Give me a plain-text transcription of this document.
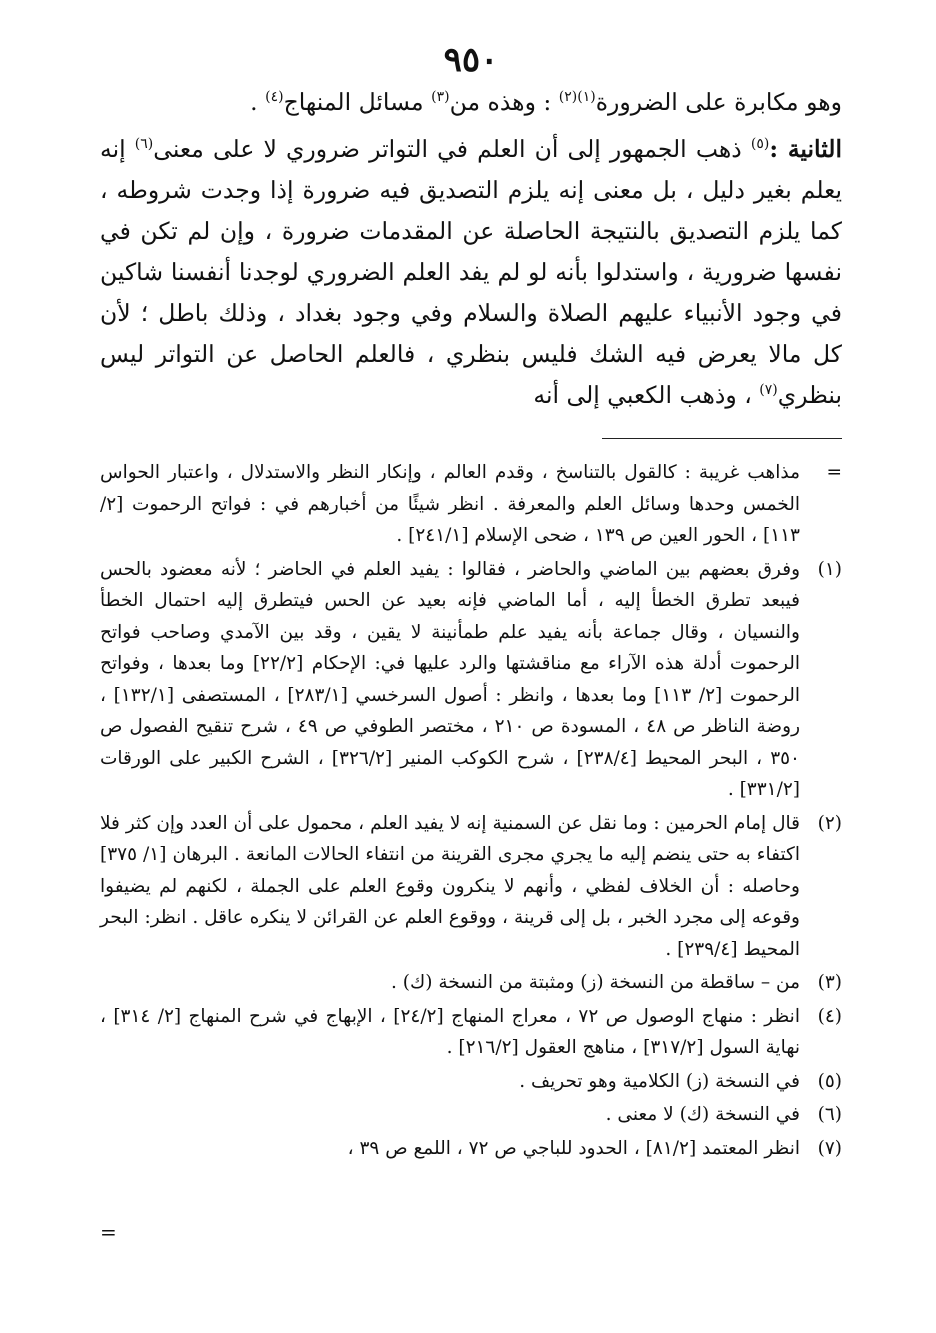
٩٥٠

وهو مكابرة على الضرورة$^{(١)(٢)}$ : وهذه من$^{(٣)}$ مسائل المنهاج$^{(٤)}$ .

الثانية :$^{(٥)}$ ذهب الجمهور إلى أن العلم في التواتر ضروري لا على معنى$^{(٦)}$ إنه يعلم بغير دليل ، بل معنى إنه يلزم التصديق فيه ضرورة إذا وجدت شروطه ، كما يلزم التصديق بالنتيجة الحاصلة عن المقدمات ضرورة ، وإن لم تكن في نفسها ضرورية ، واستدلوا بأنه لو لم يفد العلم الضروري لوجدنا أنفسنا شاكين في وجود الأنبياء عليهم الصلاة والسلام وفي وجود بغداد ، وذلك باطل ؛ لأن كل مالا يعرض فيه الشك فليس بنظري ، فالعلم الحاصل عن التواتر ليس بنظري$^{(٧)}$ ، وذهب الكعبي إلى أنه

=
مذاهب غريبة : كالقول بالتناسخ ، وقدم العالم ، وإنكار النظر والاستدلال ، واعتبار الحواس الخمس وحدها وسائل العلم والمعرفة . انظر شيئًا من أخبارهم في : فواتح الرحموت [٢/ ١١٣] ، الحور العين ص ١٣٩ ، ضحى الإسلام [٢٤١/١] .
(١)
وفرق بعضهم بين الماضي والحاضر ، فقالوا : يفيد العلم في الحاضر ؛ لأنه معضود بالحس فيبعد تطرق الخطأ إليه ، أما الماضي فإنه بعيد عن الحس فيتطرق إليه احتمال الخطأ والنسيان ، وقال جماعة بأنه يفيد علم طمأنينة لا يقين ، وقد بين الآمدي وصاحب فواتح الرحموت أدلة هذه الآراء مع مناقشتها والرد عليها في: الإحكام [٢٢/٢] وما بعدها ، وفواتح الرحموت [٢/ ١١٣] وما بعدها ، وانظر : أصول السرخسي [٢٨٣/١] ، المستصفى [١٣٢/١] ، روضة الناظر ص ٤٨ ، المسودة ص ٢١٠ ، مختصر الطوفي ص ٤٩ ، شرح تنقيح الفصول ص ٣٥٠ ، البحر المحيط [٢٣٨/٤] ، شرح الكوكب المنير [٣٢٦/٢] ، الشرح الكبير على الورقات [٣٣١/٢] .
(٢)
قال إمام الحرمين : وما نقل عن السمنية إنه لا يفيد العلم ، محمول على أن العدد وإن كثر فلا اكتفاء به حتى ينضم إليه ما يجري مجرى القرينة من انتفاء الحالات المانعة . البرهان [١/ ٣٧٥] وحاصله : أن الخلاف لفظي ، وأنهم لا ينكرون وقوع العلم على الجملة ، لكنهم لم يضيفوا وقوعه إلى مجرد الخبر ، بل إلى قرينة ، ووقوع العلم عن القرائن لا ينكره عاقل . انظر: البحر المحيط [٢٣٩/٤] .
(٣)
من – ساقطة من النسخة (ز) ومثبتة من النسخة (ك) .
(٤)
انظر : منهاج الوصول ص ٧٢ ، معراج المنهاج [٢٤/٢] ، الإبهاج في شرح المنهاج [٢/ ٣١٤] ، نهاية السول [٣١٧/٢] ، مناهج العقول [٢١٦/٢] .
(٥)
في النسخة (ز) الكلامية وهو تحريف .
(٦)
في النسخة (ك) لا معنى .
(٧)
انظر المعتمد [٨١/٢] ، الحدود للباجي ص ٧٢ ، اللمع ص ٣٩ ،
=
